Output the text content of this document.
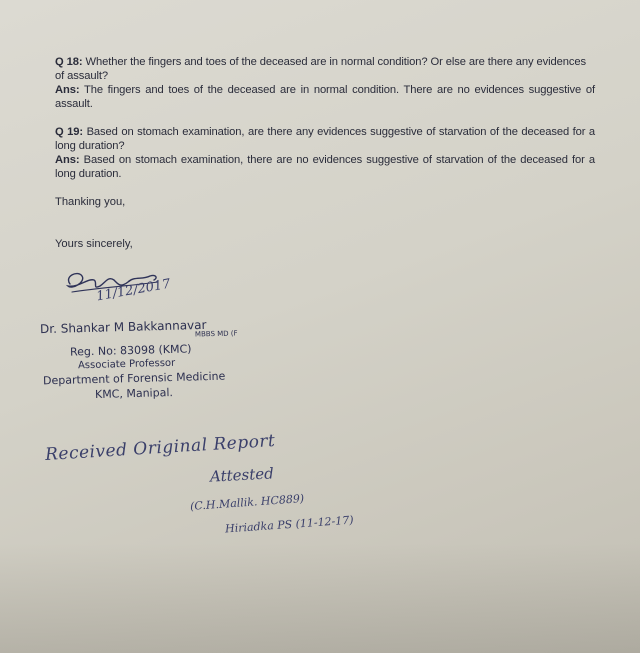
Q 18: Whether the fingers and toes of the deceased are in normal condition? Or else are there any evidences of assault?
Ans: The fingers and toes of the deceased are in normal condition. There are no evidences suggestive of assault.
Q 19: Based on stomach examination, are there any evidences suggestive of starvation of the deceased for a long duration?
Ans: Based on stomach examination, there are no evidences suggestive of starvation of the deceased for a long duration.
Thanking you,
Yours sincerely,
11/12/2017
Dr. Shankar M Bakkannavar
MBBS MD (F
Reg. No: 83098 (KMC)
Associate Professor
Department of Forensic Medicine
KMC, Manipal.
Received Original Report
Attested
(C.H.Mallik. HC889)
Hiriadka PS (11-12-17)
